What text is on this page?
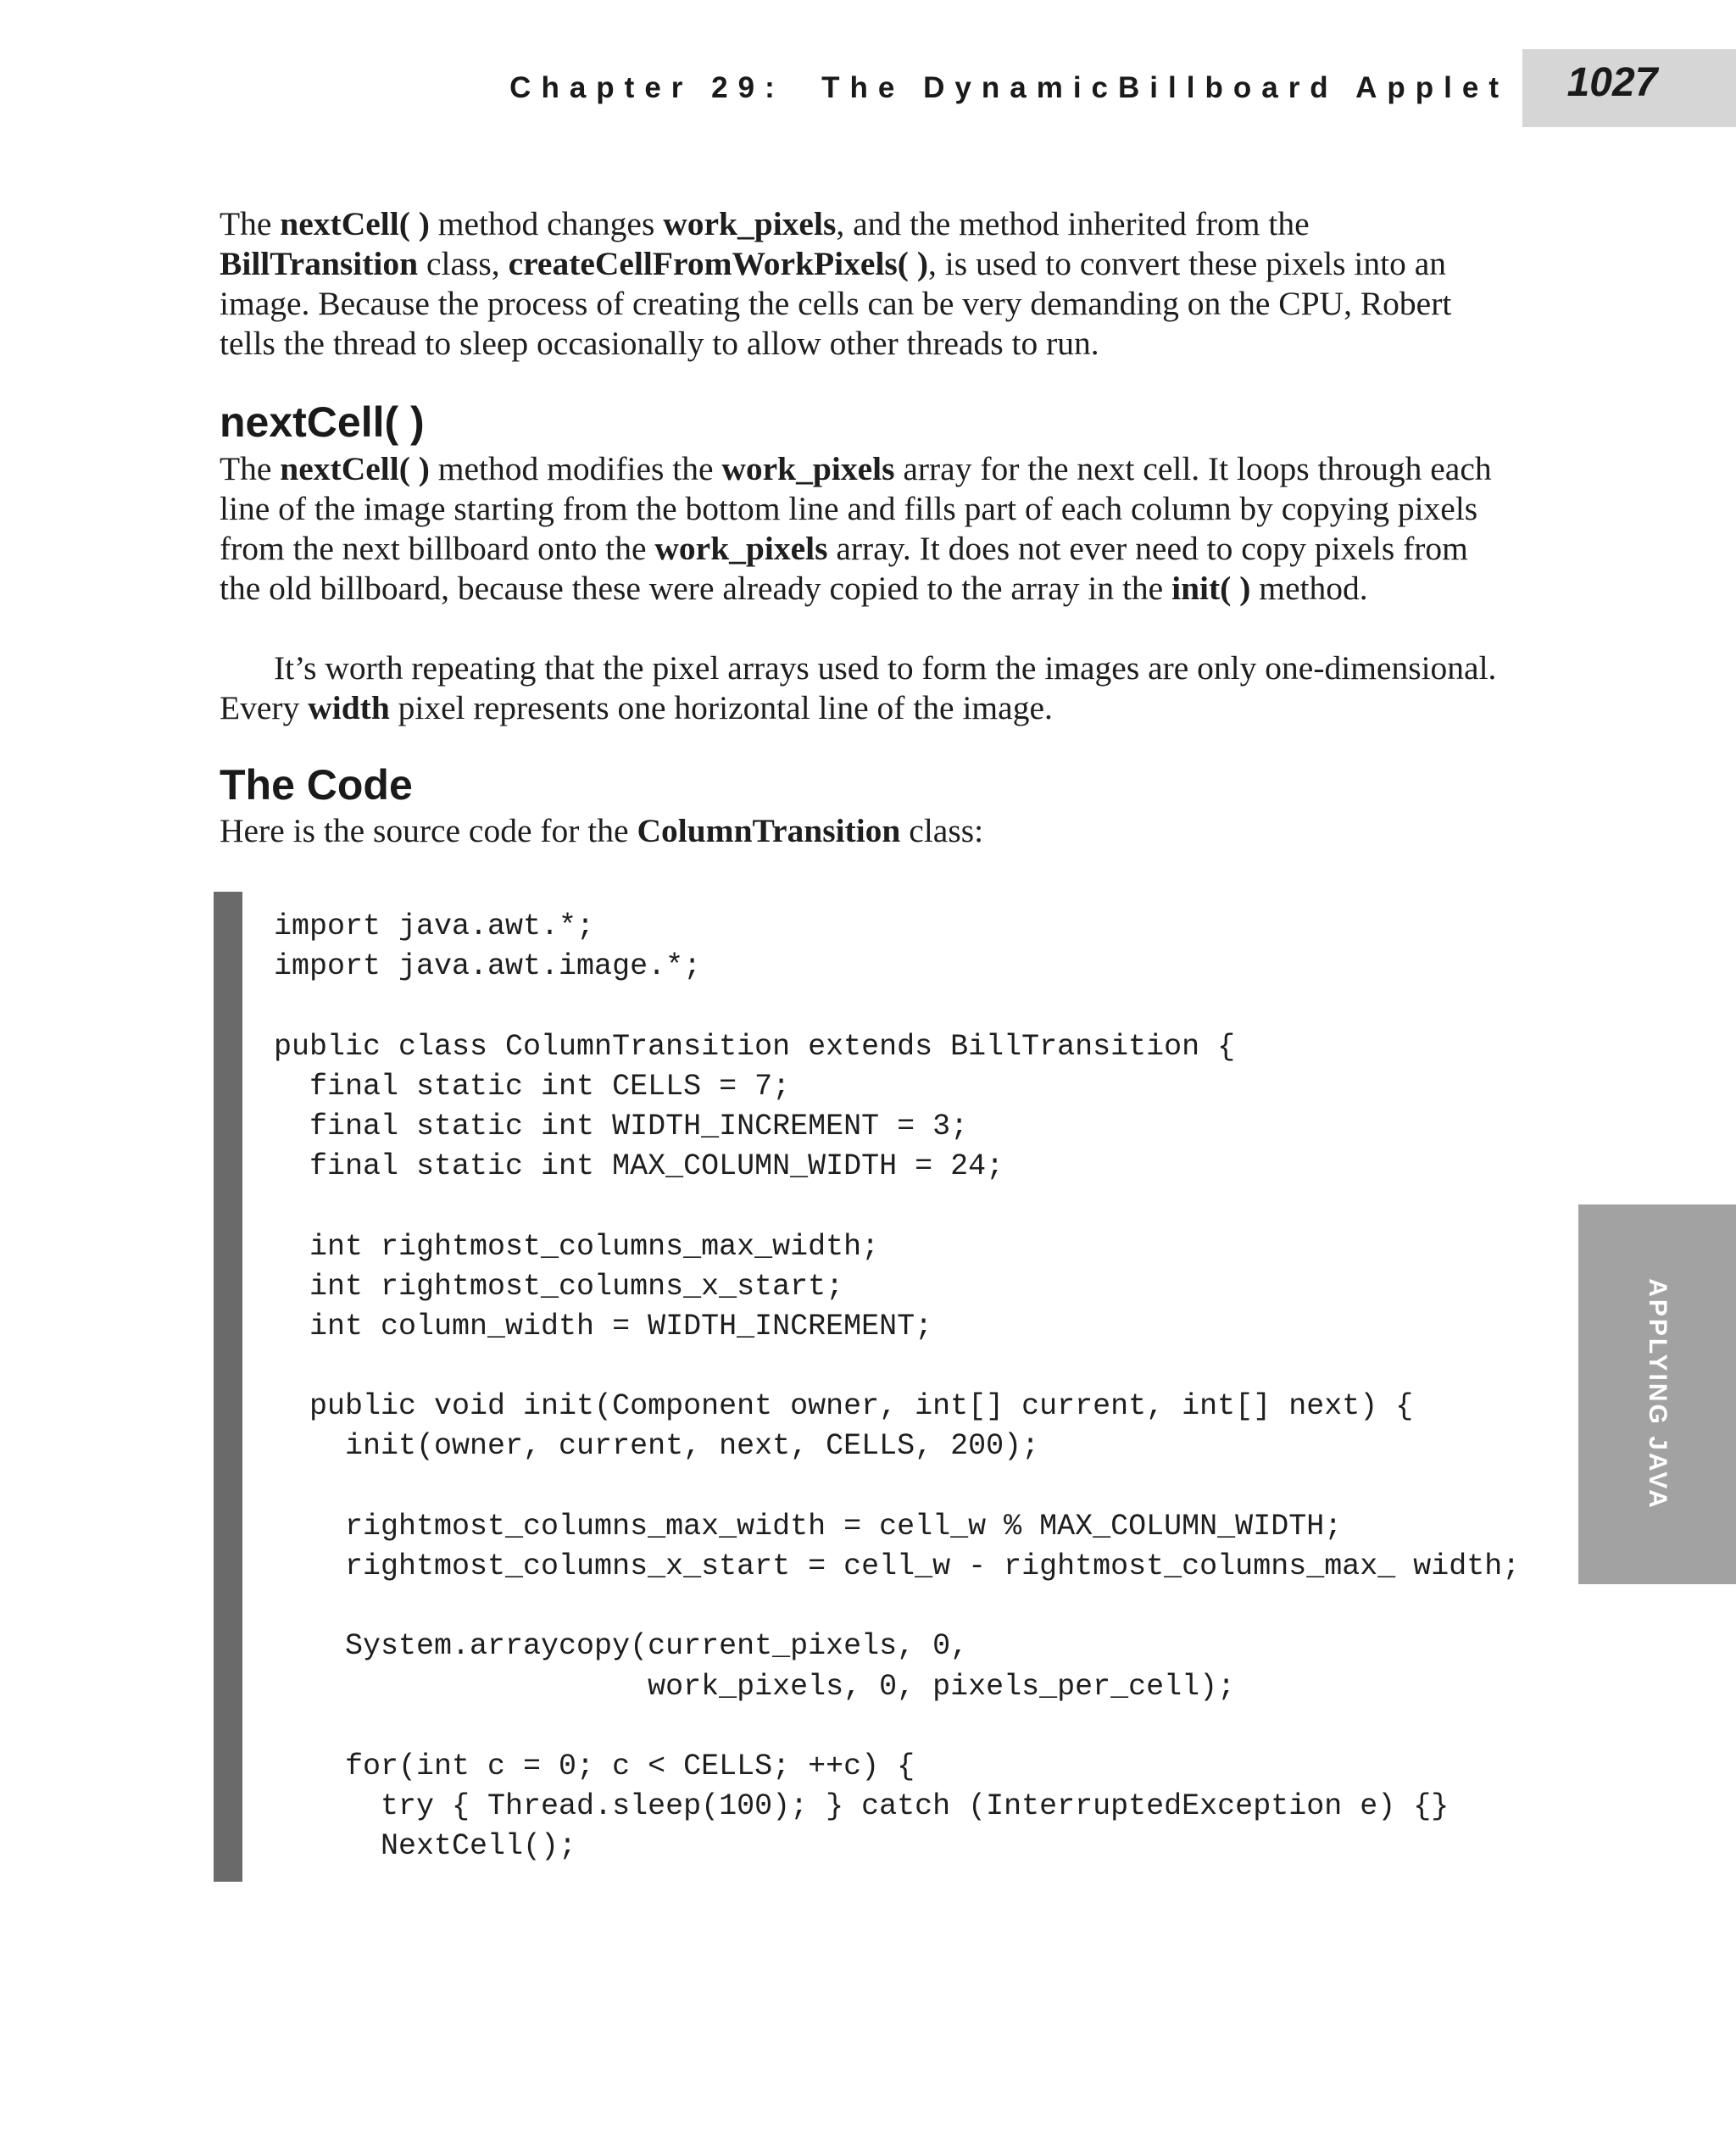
Chapter 29:  The DynamicBillboard Applet	1027
APPLYING JAVA

The nextCell( ) method changes work_pixels, and the method inherited from the BillTransition class, createCellFromWorkPixels( ), is used to convert these pixels into an image. Because the process of creating the cells can be very demanding on the CPU, Robert tells the thread to sleep occasionally to allow other threads to run.

nextCell( )

The nextCell( ) method modifies the work_pixels array for the next cell. It loops through each line of the image starting from the bottom line and fills part of each column by copying pixels from the next billboard onto the work_pixels array. It does not ever need to copy pixels from the old billboard, because these were already copied to the array in the init( ) method.

It’s worth repeating that the pixel arrays used to form the images are only one-dimensional. Every width pixel represents one horizontal line of the image.

The Code

Here is the source code for the ColumnTransition class:

import java.awt.*;
import java.awt.image.*;
public class ColumnTransition extends BillTransition {
final static int CELLS = 7;
final static int WIDTH_INCREMENT = 3;
final static int MAX_COLUMN_WIDTH = 24;
int rightmost_columns_max_width;
int rightmost_columns_x_start;
int column_width = WIDTH_INCREMENT;
public void init(Component owner, int[] current, int[] next) {
init(owner, current, next, CELLS, 200);
rightmost_columns_max_width = cell_w % MAX_COLUMN_WIDTH;
rightmost_columns_x_start = cell_w - rightmost_columns_max_ width;
System.arraycopy(current_pixels, 0,
work_pixels, 0, pixels_per_cell);
for(int c = 0; c < CELLS; ++c) {
try { Thread.sleep(100); } catch (InterruptedException e) {}
NextCell();
